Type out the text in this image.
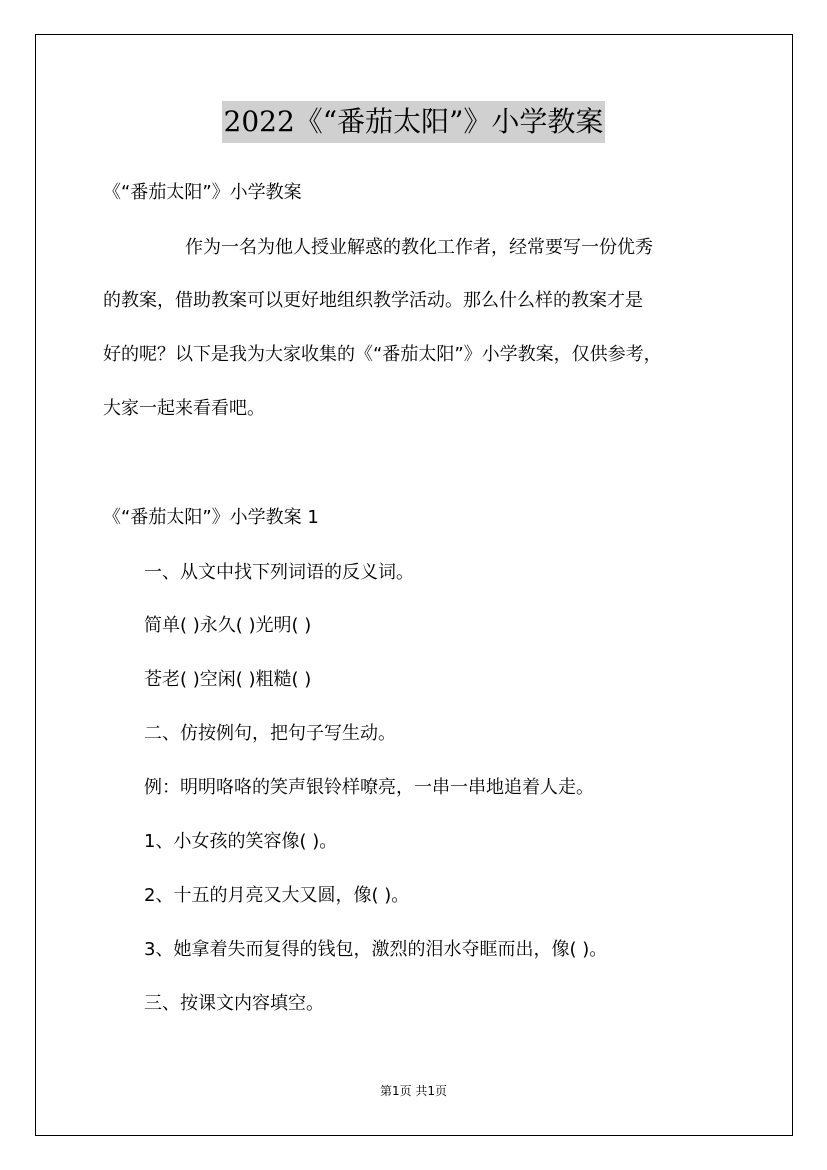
2022《“番茄太阳”》小学教案
《“番茄太阳”》小学教案
作为一名为他人授业解惑的教化工作者，经常要写一份优秀
的教案，借助教案可以更好地组织教学活动。那么什么样的教案才是
好的呢？以下是我为大家收集的《“番茄太阳”》小学教案，仅供参考，
大家一起来看看吧。
《“番茄太阳”》小学教案 1
一、从文中找下列词语的反义词。
简单( )永久( )光明( )
苍老( )空闲( )粗糙( )
二、仿按例句，把句子写生动。
例：明明咯咯的笑声银铃样嘹亮，一串一串地追着人走。
1、小女孩的笑容像( )。
2、十五的月亮又大又圆，像( )。
3、她拿着失而复得的钱包，激烈的泪水夺眶而出，像( )。
三、按课文内容填空。
第1页 共1页
